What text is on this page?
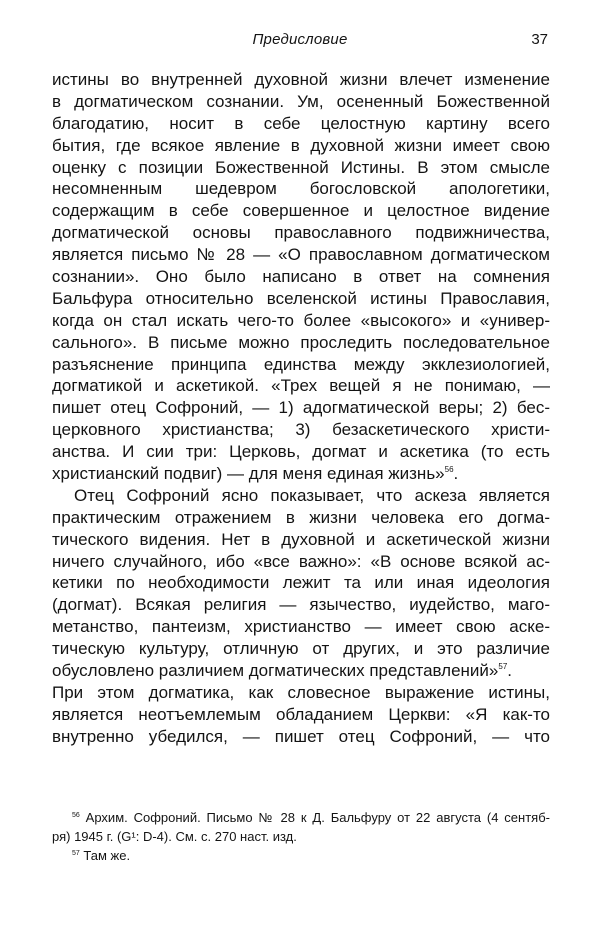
Предисловие	37
истины во внутренней духовной жизни влечет изменение
в догматическом сознании. Ум, осененный Божественной
благодатию, носит в себе целостную картину всего
бытия, где всякое явление в духовной жизни имеет свою
оценку с позиции Божественной Истины. В этом смысле
несомненным шедевром богословской апологетики,
содержащим в себе совершенное и целостное видение
догматической основы православного подвижничества,
является письмо № 28 — «О православном догматическом
сознании». Оно было написано в ответ на сомнения
Бальфура относительно вселенской истины Православия,
когда он стал искать чего-то более «высокого» и «универ-
сального». В письме можно проследить последовательное
разъяснение принципа единства между экклезиологией,
догматикой и аскетикой. «Трех вещей я не понимаю, —
пишет отец Софроний, — 1) адогматической веры; 2) бес-
церковного христианства; 3) безаскетического христи-
анства. И сии три: Церковь, догмат и аскетика (то есть
христианский подвиг) — для меня единая жизнь»$^{56}$.
Отец Софроний ясно показывает, что аскеза является
практическим отражением в жизни человека его догма-
тического видения. Нет в духовной и аскетической жизни
ничего случайного, ибо «все важно»: «В основе всякой ас-
кетики по необходимости лежит та или иная идеология
(догмат). Всякая религия — язычество, иудейство, маго-
метанство, пантеизм, христианство — имеет свою аске-
тическую культуру, отличную от других, и это различие
обусловлено различием догматических представлений»$^{57}$.
При этом догматика, как словесное выражение истины,
является неотъемлемым обладанием Церкви: «Я как-то
внутренно убедился, — пишет отец Софроний, — что
$^{56}$ Архим. Софроний. Письмо № 28 к Д. Бальфуру от 22 августа (4 сентяб-
ря) 1945 г. (G¹: D-4). См. с. 270 наст. изд.
$^{57}$ Там же.
